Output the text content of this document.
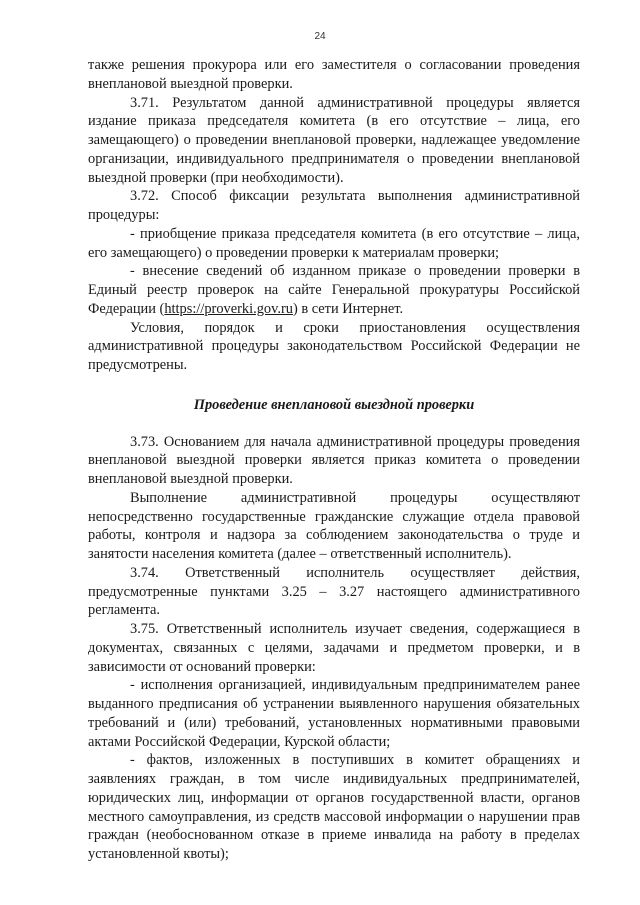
24

также решения прокурора или его заместителя о согласовании проведения внеплановой выездной проверки.

3.71. Результатом данной административной процедуры является издание приказа председателя комитета (в его отсутствие – лица, его замещающего) о проведении внеплановой проверки, надлежащее уведомление организации, индивидуального предпринимателя о проведении внеплановой выездной проверки (при необходимости).

3.72. Способ фиксации результата выполнения административной процедуры:

- приобщение приказа председателя комитета (в его отсутствие – лица, его замещающего) о проведении проверки к материалам проверки;

- внесение сведений об изданном приказе о проведении проверки в Единый реестр проверок на сайте Генеральной прокуратуры Российской Федерации (https://proverki.gov.ru) в сети Интернет.

Условия, порядок и сроки приостановления осуществления административной процедуры законодательством Российской Федерации не предусмотрены.

Проведение внеплановой выездной проверки

3.73. Основанием для начала административной процедуры проведения внеплановой выездной проверки является приказ комитета о проведении внеплановой выездной проверки.

Выполнение административной процедуры осуществляют непосредственно государственные гражданские служащие отдела правовой работы, контроля и надзора за соблюдением законодательства о труде и занятости населения комитета (далее – ответственный исполнитель).

3.74. Ответственный исполнитель осуществляет действия, предусмотренные пунктами 3.25 – 3.27 настоящего административного регламента.

3.75. Ответственный исполнитель изучает сведения, содержащиеся в документах, связанных с целями, задачами и предметом проверки, и в зависимости от оснований проверки:

- исполнения организацией, индивидуальным предпринимателем ранее выданного предписания об устранении выявленного нарушения обязательных требований и (или) требований, установленных нормативными правовыми актами Российской Федерации, Курской области;

- фактов, изложенных в поступивших в комитет обращениях и заявлениях граждан, в том числе индивидуальных предпринимателей, юридических лиц, информации от органов государственной власти, органов местного самоуправления, из средств массовой информации о нарушении прав граждан (необоснованном отказе в приеме инвалида на работу в пределах установленной квоты);
